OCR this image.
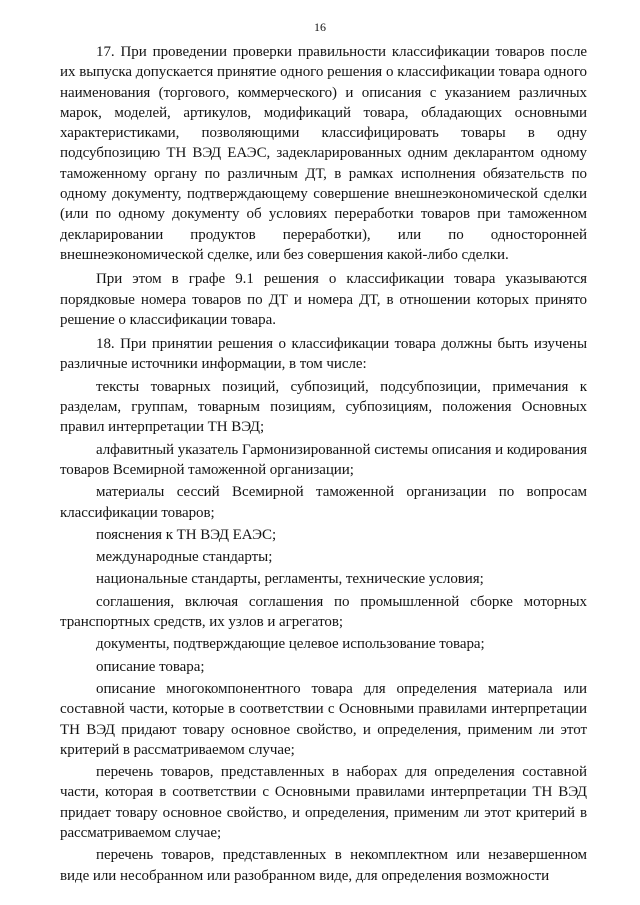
16

17. При проведении проверки правильности классификации товаров после их выпуска допускается принятие одного решения о классификации товара одного наименования (торгового, коммерческого) и описания с указанием различных марок, моделей, артикулов, модификаций товара, обладающих основными характеристиками, позволяющими классифицировать товары в одну подсубпозицию ТН ВЭД ЕАЭС, задекларированных одним декларантом одному таможенному органу по различным ДТ, в рамках исполнения обязательств по одному документу, подтверждающему совершение внешнеэкономической сделки (или по одному документу об условиях переработки товаров при таможенном декларировании продуктов переработки), или по односторонней внешнеэкономической сделке, или без совершения какой-либо сделки.

При этом в графе 9.1 решения о классификации товара указываются порядковые номера товаров по ДТ и номера ДТ, в отношении которых принято решение о классификации товара.

18. При принятии решения о классификации товара должны быть изучены различные источники информации, в том числе:

тексты товарных позиций, субпозиций, подсубпозиции, примечания к разделам, группам, товарным позициям, субпозициям, положения Основных правил интерпретации ТН ВЭД;

алфавитный указатель Гармонизированной системы описания и кодирования товаров Всемирной таможенной организации;

материалы сессий Всемирной таможенной организации по вопросам классификации товаров;

пояснения к ТН ВЭД ЕАЭС;

международные стандарты;

национальные стандарты, регламенты, технические условия;

соглашения, включая соглашения по промышленной сборке моторных транспортных средств, их узлов и агрегатов;

документы, подтверждающие целевое использование товара;

описание товара;

описание многокомпонентного товара для определения материала или составной части, которые в соответствии с Основными правилами интерпретации ТН ВЭД придают товару основное свойство, и определения, применим ли этот критерий в рассматриваемом случае;

перечень товаров, представленных в наборах для определения составной части, которая в соответствии с Основными правилами интерпретации ТН ВЭД придает товару основное свойство, и определения, применим ли этот критерий в рассматриваемом случае;

перечень товаров, представленных в некомплектном или незавершенном виде или несобранном или разобранном виде, для определения возможности
